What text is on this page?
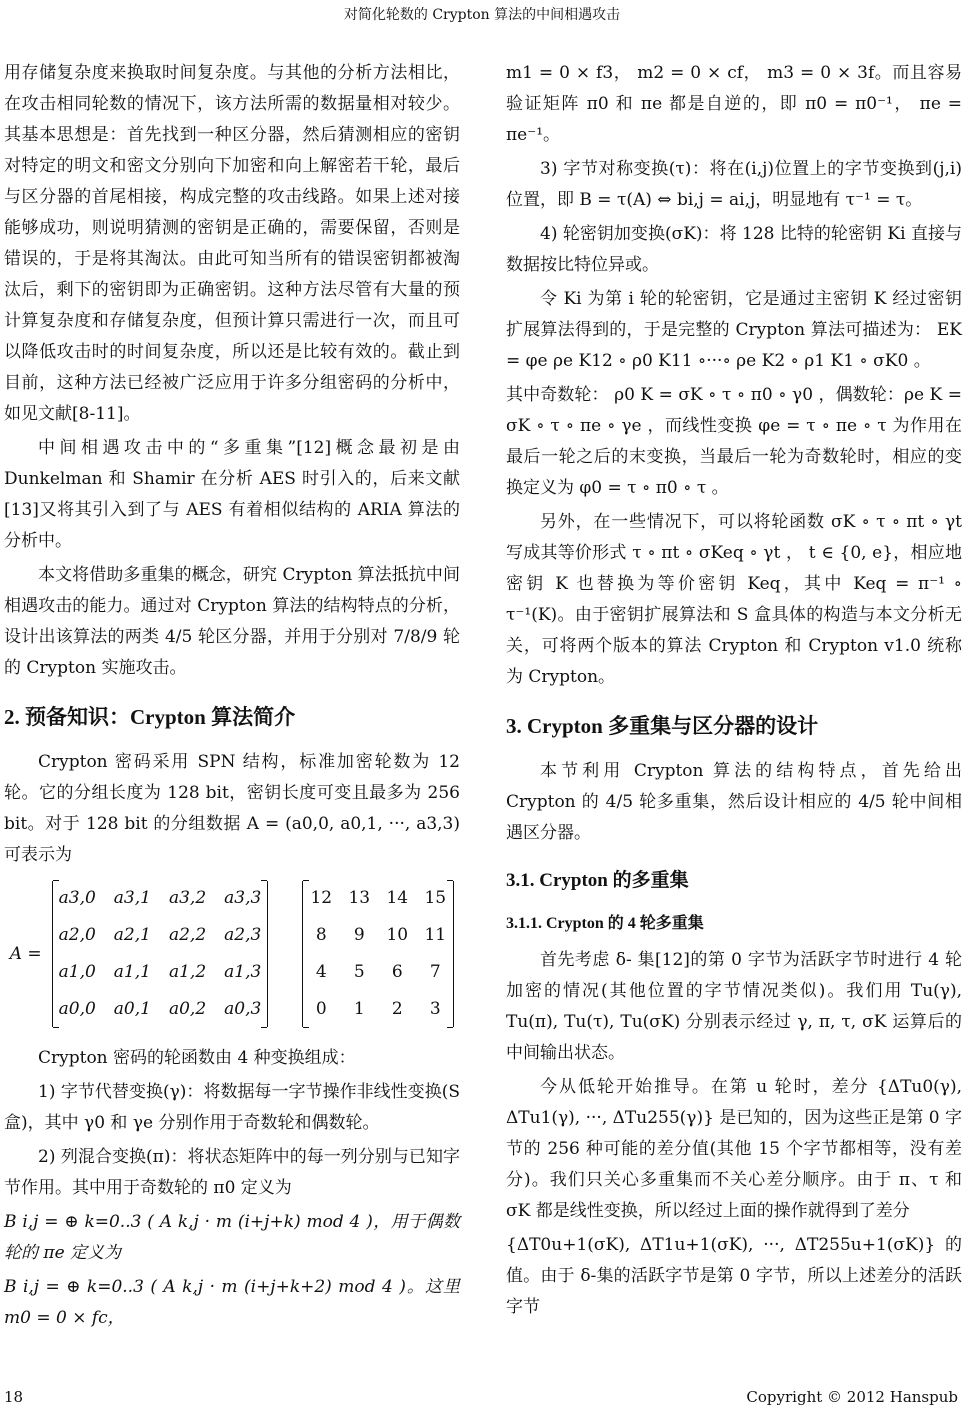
对简化轮数的 Crypton 算法的中间相遇攻击

用存储复杂度来换取时间复杂度。与其他的分析方法相比，在攻击相同轮数的情况下，该方法所需的数据量相对较少。其基本思想是：首先找到一种区分器，然后猜测相应的密钥对特定的明文和密文分别向下加密和向上解密若干轮，最后与区分器的首尾相接，构成完整的攻击线路。如果上述对接能够成功，则说明猜测的密钥是正确的，需要保留，否则是错误的，于是将其淘汰。由此可知当所有的错误密钥都被淘汰后，剩下的密钥即为正确密钥。这种方法尽管有大量的预计算复杂度和存储复杂度，但预计算只需进行一次，而且可以降低攻击时的时间复杂度，所以还是比较有效的。截止到目前，这种方法已经被广泛应用于许多分组密码的分析中，如见文献[8-11]。

中间相遇攻击中的“多重集”[12]概念最初是由 Dunkelman 和 Shamir 在分析 AES 时引入的，后来文献[13]又将其引入到了与 AES 有着相似结构的 ARIA 算法的分析中。

本文将借助多重集的概念，研究 Crypton 算法抵抗中间相遇攻击的能力。通过对 Crypton 算法的结构特点的分析，设计出该算法的两类 4/5 轮区分器，并用于分别对 7/8/9 轮的 Crypton 实施攻击。

2. 预备知识：Crypton 算法简介

Crypton 密码采用 SPN 结构，标准加密轮数为 12 轮。它的分组长度为 128 bit，密钥长度可变且最多为 256 bit。对于 128 bit 的分组数据 A = (a0,0, a0,1, ···, a3,3) 可表示为

A =
a3,0 a3,1 a3,2 a3,3
a2,0 a2,1 a2,2 a2,3
a1,0 a1,1 a1,2 a1,3
a0,0 a0,1 a0,2 a0,3
12 13 14 15
8	9	10 11
4	5	6	7
0	1	2	3

Crypton 密码的轮函数由 4 种变换组成：

1) 字节代替变换(γ)：将数据每一字节操作非线性变换(S 盒)，其中 γ0 和 γe 分别作用于奇数轮和偶数轮。

2) 列混合变换(π)：将状态矩阵中的每一列分别与已知字节作用。其中用于奇数轮的 π0 定义为

B i,j = ⊕ k=0..3 ( A k,j · m (i+j+k) mod 4 )，用于偶数轮的 πe 定义为

B i,j = ⊕ k=0..3 ( A k,j · m (i+j+k+2) mod 4 )。这里 m0 = 0 × fc，

m1 = 0 × f3， m2 = 0 × cf， m3 = 0 × 3f。而且容易验证矩阵 π0 和 πe 都是自逆的，即 π0 = π0⁻¹， πe = πe⁻¹。

3) 字节对称变换(τ)：将在(i,j)位置上的字节变换到(j,i)位置，即 B = τ(A) ⇔ bi,j = ai,j，明显地有 τ⁻¹ = τ。

4) 轮密钥加变换(σK)：将 128 比特的轮密钥 Ki 直接与数据按比特位异或。

令 Ki 为第 i 轮的轮密钥，它是通过主密钥 K 经过密钥扩展算法得到的，于是完整的 Crypton 算法可描述为： EK = φe ρe K12 ∘ ρ0 K11 ∘···∘ ρe K2 ∘ ρ1 K1 ∘ σK0 。

其中奇数轮： ρ0 K = σK ∘ τ ∘ π0 ∘ γ0 ，偶数轮：ρe K = σK ∘ τ ∘ πe ∘ γe ，而线性变换 φe = τ ∘ πe ∘ τ 为作用在最后一轮之后的末变换，当最后一轮为奇数轮时，相应的变换定义为 φ0 = τ ∘ π0 ∘ τ 。

另外，在一些情况下，可以将轮函数 σK ∘ τ ∘ πt ∘ γt 写成其等价形式 τ ∘ πt ∘ σKeq ∘ γt ， t ∈ {0, e}，相应地密钥 K 也替换为等价密钥 Keq，其中 Keq = π⁻¹ ∘ τ⁻¹(K)。由于密钥扩展算法和 S 盒具体的构造与本文分析无关，可将两个版本的算法 Crypton 和 Crypton v1.0 统称为 Crypton。

3. Crypton 多重集与区分器的设计

本节利用 Crypton 算法的结构特点，首先给出 Crypton 的 4/5 轮多重集，然后设计相应的 4/5 轮中间相遇区分器。

3.1. Crypton 的多重集
3.1.1. Crypton 的 4 轮多重集

首先考虑 δ- 集[12]的第 0 字节为活跃字节时进行 4 轮加密的情况(其他位置的字节情况类似)。我们用 Tu(γ), Tu(π), Tu(τ), Tu(σK) 分别表示经过 γ, π, τ, σK 运算后的中间输出状态。

今从低轮开始推导。在第 u 轮时，差分 {ΔTu0(γ), ΔTu1(γ), ···, ΔTu255(γ)} 是已知的，因为这些正是第 0 字节的 256 种可能的差分值(其他 15 个字节都相等，没有差分)。我们只关心多重集而不关心差分顺序。由于 π、τ 和 σK 都是线性变换，所以经过上面的操作就得到了差分

{ΔT0u+1(σK), ΔT1u+1(σK), ···, ΔT255u+1(σK)} 的值。由于 δ-集的活跃字节是第 0 字节，所以上述差分的活跃字节

18	Copyright © 2012 Hanspub
